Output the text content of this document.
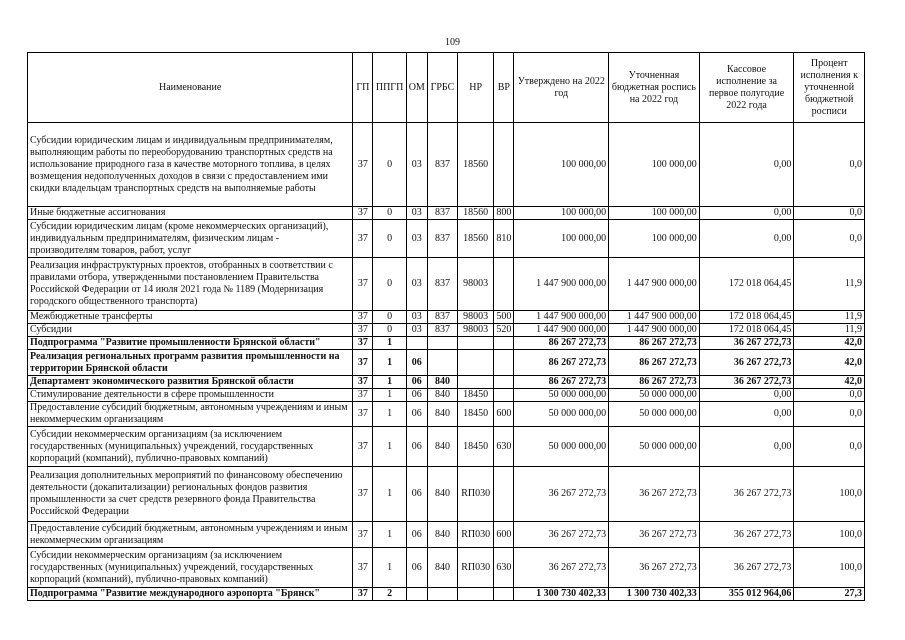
109
Наименование	ГП	ППГП	ОМ	ГРБС	НР	ВР	Утверждено на 2022 год	Уточненная бюджетная роспись на 2022 год	Кассовое исполнение за первое полугодие 2022 года	Процент исполнения к уточненной бюджетной росписи
Субсидии юридическим лицам и индивидуальным предпринимателям, выполняющим работы по переоборудованию транспортных средств на использование природного газа в качестве моторного топлива, в целях возмещения недополученных доходов в связи с предоставлением ими скидки владельцам транспортных средств на выполняемые работы	37	0	03	837	18560		100 000,00	100 000,00	0,00	0,0
Иные бюджетные ассигнования	37	0	03	837	18560	800	100 000,00	100 000,00	0,00	0,0
Субсидии юридическим лицам (кроме некоммерческих организаций), индивидуальным предпринимателям, физическим лицам - производителям товаров, работ, услуг	37	0	03	837	18560	810	100 000,00	100 000,00	0,00	0,0
Реализация инфраструктурных проектов, отобранных в соответствии с правилами отбора, утвержденными постановлением Правительства Российской Федерации от 14 июля 2021 года № 1189 (Модернизация городского общественного транспорта)	37	0	03	837	98003		1 447 900 000,00	1 447 900 000,00	172 018 064,45	11,9
Межбюджетные трансферты	37	0	03	837	98003	500	1 447 900 000,00	1 447 900 000,00	172 018 064,45	11,9
Субсидии	37	0	03	837	98003	520	1 447 900 000,00	1 447 900 000,00	172 018 064,45	11,9
Подпрограмма "Развитие промышленности Брянской области"	37	1					86 267 272,73	86 267 272,73	36 267 272,73	42,0
Реализация региональных программ развития промышленности на территории Брянской области	37	1	06				86 267 272,73	86 267 272,73	36 267 272,73	42,0
Департамент экономического развития Брянской области	37	1	06	840			86 267 272,73	86 267 272,73	36 267 272,73	42,0
Стимулирование деятельности в сфере промышленности	37	1	06	840	18450		50 000 000,00	50 000 000,00	0,00	0,0
Предоставление субсидий бюджетным, автономным учреждениям и иным некоммерческим организациям	37	1	06	840	18450	600	50 000 000,00	50 000 000,00	0,00	0,0
Субсидии некоммерческим организациям (за исключением государственных (муниципальных) учреждений, государственных корпораций (компаний), публично-правовых компаний)	37	1	06	840	18450	630	50 000 000,00	50 000 000,00	0,00	0,0
Реализация дополнительных мероприятий по финансовому обеспечению деятельности (докапитализации) региональных фондов развития промышленности за счет средств резервного фонда Правительства Российской Федерации	37	1	06	840	RП030		36 267 272,73	36 267 272,73	36 267 272,73	100,0
Предоставление субсидий бюджетным, автономным учреждениям и иным некоммерческим организациям	37	1	06	840	RП030	600	36 267 272,73	36 267 272,73	36 267 272,73	100,0
Субсидии некоммерческим организациям (за исключением государственных (муниципальных) учреждений, государственных корпораций (компаний), публично-правовых компаний)	37	1	06	840	RП030	630	36 267 272,73	36 267 272,73	36 267 272,73	100,0
Подпрограмма "Развитие международного аэропорта "Брянск"	37	2					1 300 730 402,33	1 300 730 402,33	355 012 964,06	27,3
